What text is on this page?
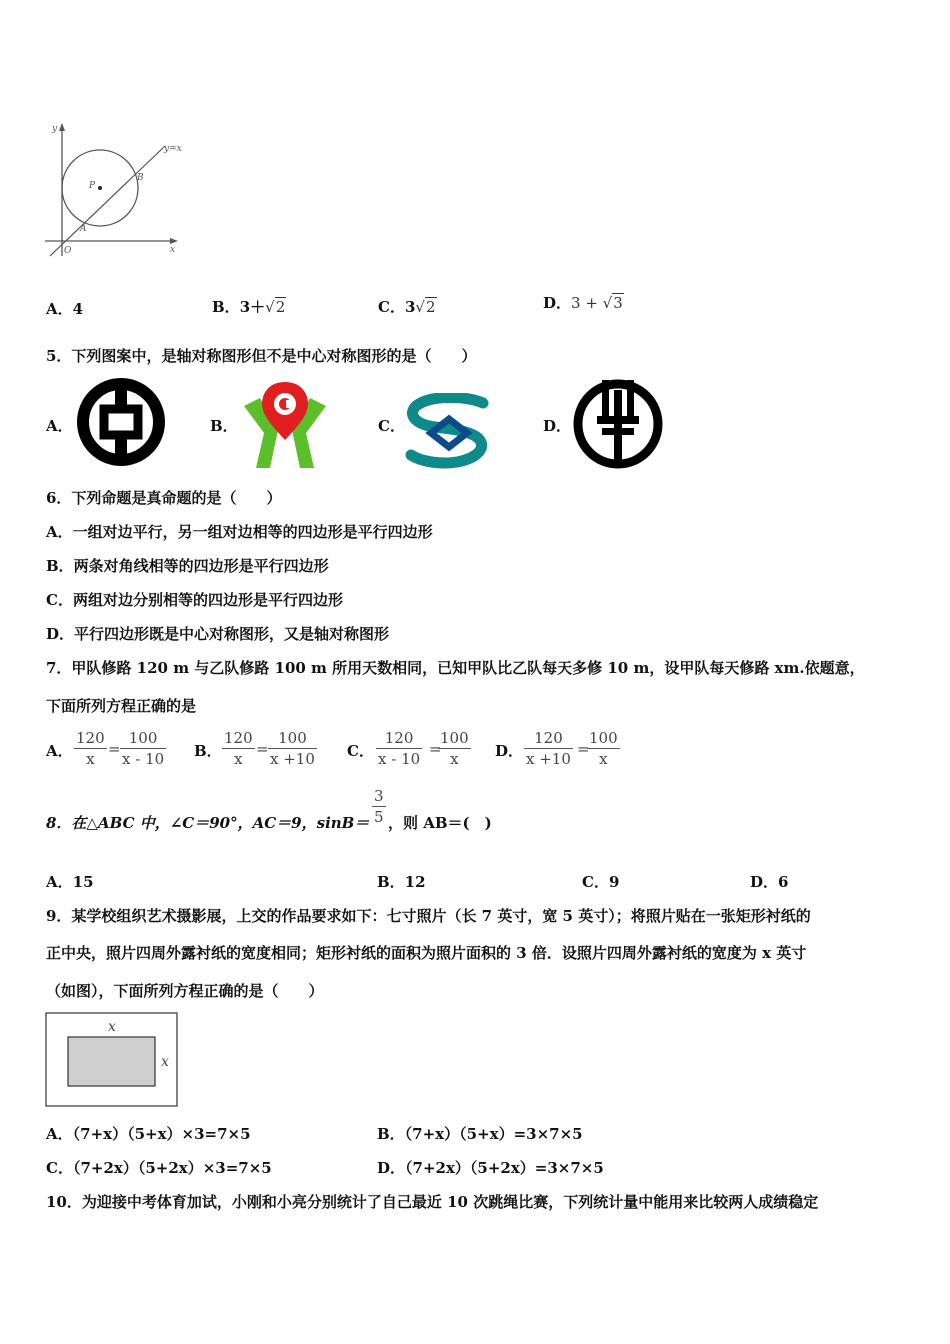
y
y=x
P
B
A
O	x
A．4	B．3＋√2	C．3√2	D．3 + √3
5．下列图案中，是轴对称图形但不是中心对称图形的是（　　）
A．	B．	C．	D．
6．下列命题是真命题的是（　　）
A．一组对边平行，另一组对边相等的四边形是平行四边形
B．两条对角线相等的四边形是平行四边形
C．两组对边分别相等的四边形是平行四边形
D．平行四边形既是中心对称图形，又是轴对称图形
7．甲队修路 120 m 与乙队修路 100 m 所用天数相同，已知甲队比乙队每天多修 10 m，设甲队每天修路 xm.依题意，
下面所列方程正确的是
A．
120
x
=
100
x - 10 B．
120
x
=
100
x +10 C．
120
x - 10
=
100
x D．
120
x +10
=
100
x
8．在△ABC 中，∠C＝90°，AC＝9，sinB＝
3
5 ，则 AB＝(　)
A．15	B．12	C．9	D．6
9．某学校组织艺术摄影展，上交的作品要求如下：七寸照片（长 7 英寸，宽 5 英寸）；将照片贴在一张矩形衬纸的
正中央，照片四周外露衬纸的宽度相同；矩形衬纸的面积为照片面积的 3 倍．设照片四周外露衬纸的宽度为 x 英寸
（如图），下面所列方程正确的是（　　）
x
x
A．（7+x）（5+x）×3=7×5	B．（7+x）（5+x）=3×7×5
C．（7+2x）（5+2x）×3=7×5	D．（7+2x）（5+2x）=3×7×5
10．为迎接中考体育加试，小刚和小亮分别统计了自己最近 10 次跳绳比赛，下列统计量中能用来比较两人成绩稳定
